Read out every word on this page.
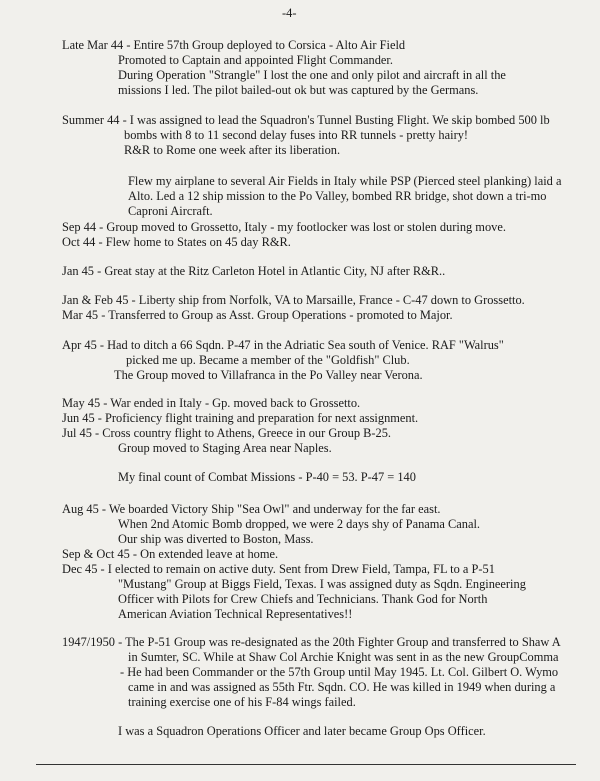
-4-
Late Mar 44 - Entire 57th Group deployed to Corsica - Alto Air Field
Promoted to Captain and appointed Flight Commander.
During Operation "Strangle" I lost the one and only pilot and aircraft in all the
missions I led. The pilot bailed-out ok but was captured by the Germans.
Summer 44 - I was assigned to lead the Squadron's Tunnel Busting Flight. We skip bombed 500 lb
bombs with 8 to 11 second delay fuses into RR tunnels - pretty hairy!
R&R to Rome one week after its liberation.
Flew my airplane to several Air Fields in Italy while PSP (Pierced steel planking) laid a
Alto. Led a 12 ship mission to the Po Valley, bombed RR bridge, shot down a tri-mo
Caproni Aircraft.
Sep 44 - Group moved to Grossetto, Italy - my footlocker was lost or stolen during move.
Oct 44 - Flew home to States on 45 day R&R.
Jan 45 - Great stay at the Ritz Carleton Hotel in Atlantic City, NJ after R&R..
Jan & Feb 45 - Liberty ship from Norfolk, VA to Marsaille, France - C-47 down to Grossetto.
Mar 45 - Transferred to Group as Asst. Group Operations - promoted to Major.
Apr 45 - Had to ditch a 66 Sqdn. P-47 in the Adriatic Sea south of Venice. RAF "Walrus"
picked me up. Became a member of the "Goldfish" Club.
The Group moved to Villafranca in the Po Valley near Verona.
May 45 - War ended in Italy - Gp. moved back to Grossetto.
Jun 45 - Proficiency flight training and preparation for next assignment.
Jul 45 - Cross country flight to Athens, Greece in our Group B-25.
Group moved to Staging Area near Naples.
My final count of Combat Missions - P-40 = 53. P-47 = 140
Aug 45 - We boarded Victory Ship "Sea Owl" and underway for the far east.
When 2nd Atomic Bomb dropped, we were 2 days shy of Panama Canal.
Our ship was diverted to Boston, Mass.
Sep & Oct 45 - On extended leave at home.
Dec 45 - I elected to remain on active duty. Sent from Drew Field, Tampa, FL to a P-51
"Mustang" Group at Biggs Field, Texas. I was assigned duty as Sqdn. Engineering
Officer with Pilots for Crew Chiefs and Technicians. Thank God for North
American Aviation Technical Representatives!!
1947/1950 - The P-51 Group was re-designated as the 20th Fighter Group and transferred to Shaw A
in Sumter, SC. While at Shaw Col Archie Knight was sent in as the new GroupComma
- He had been Commander or the 57th Group until May 1945. Lt. Col. Gilbert O. Wymo
came in and was assigned as 55th Ftr. Sqdn. CO. He was killed in 1949 when during a
training exercise one of his F-84 wings failed.
I was a Squadron Operations Officer and later became Group Ops Officer.
